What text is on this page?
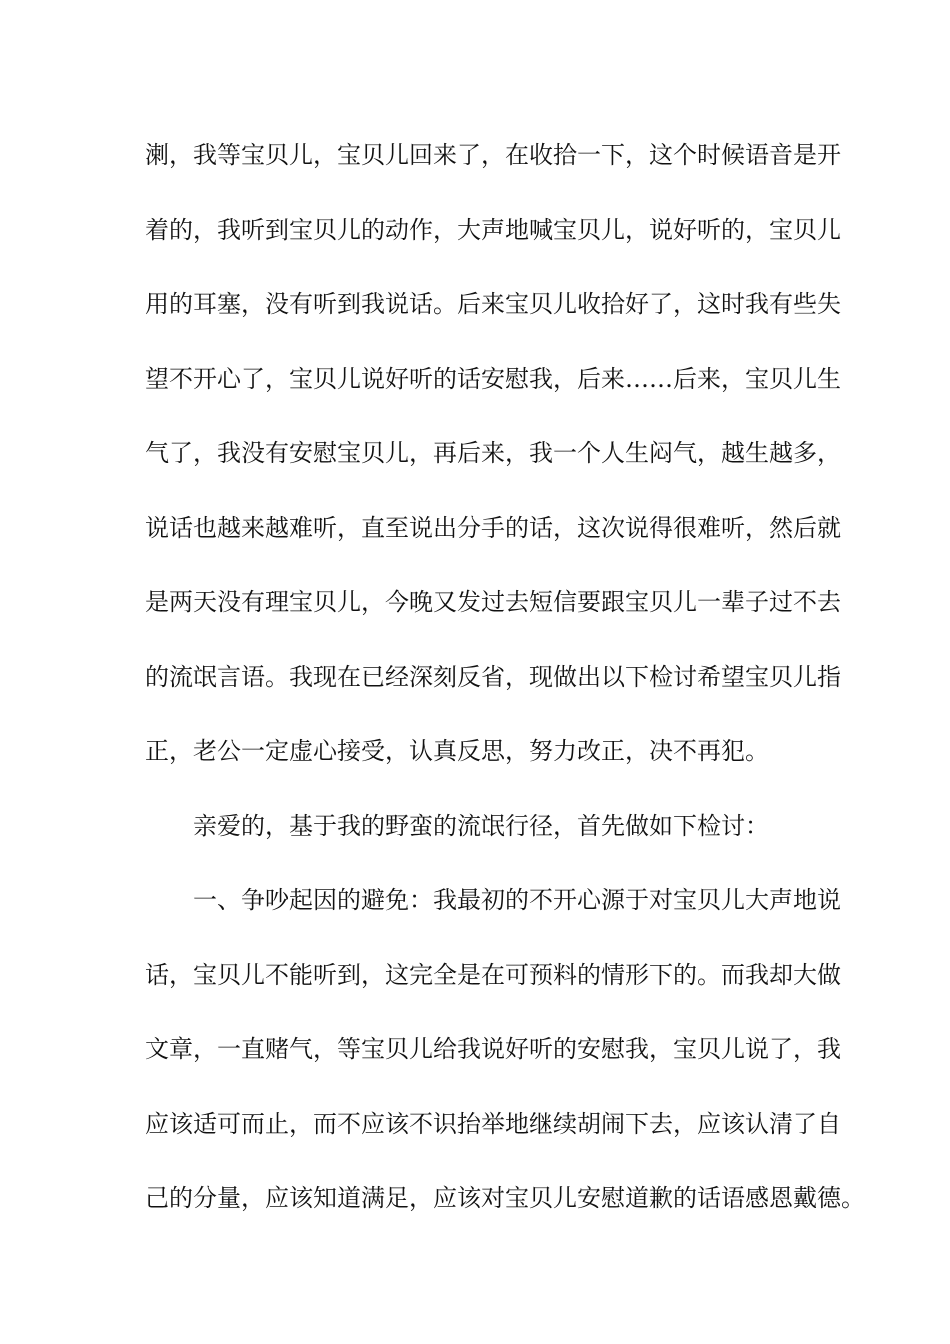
溂，我等宝贝儿，宝贝儿回来了，在收拾一下，这个时候语音是开
着的，我听到宝贝儿的动作，大声地喊宝贝儿，说好听的，宝贝儿
用的耳塞，没有听到我说话。后来宝贝儿收拾好了，这时我有些失
望不开心了，宝贝儿说好听的话安慰我，后来……后来，宝贝儿生
气了，我没有安慰宝贝儿，再后来，我一个人生闷气，越生越多，
说话也越来越难听，直至说出分手的话，这次说得很难听，然后就
是两天没有理宝贝儿，今晚又发过去短信要跟宝贝儿一辈子过不去
的流氓言语。我现在已经深刻反省，现做出以下检讨希望宝贝儿指
正，老公一定虚心接受，认真反思，努力改正，决不再犯。
亲爱的，基于我的野蛮的流氓行径，首先做如下检讨：
一、争吵起因的避免：我最初的不开心源于对宝贝儿大声地说
话，宝贝儿不能听到，这完全是在可预料的情形下的。而我却大做
文章，一直赌气，等宝贝儿给我说好听的安慰我，宝贝儿说了，我
应该适可而止，而不应该不识抬举地继续胡闹下去，应该认清了自
己的分量，应该知道满足，应该对宝贝儿安慰道歉的话语感恩戴德。
